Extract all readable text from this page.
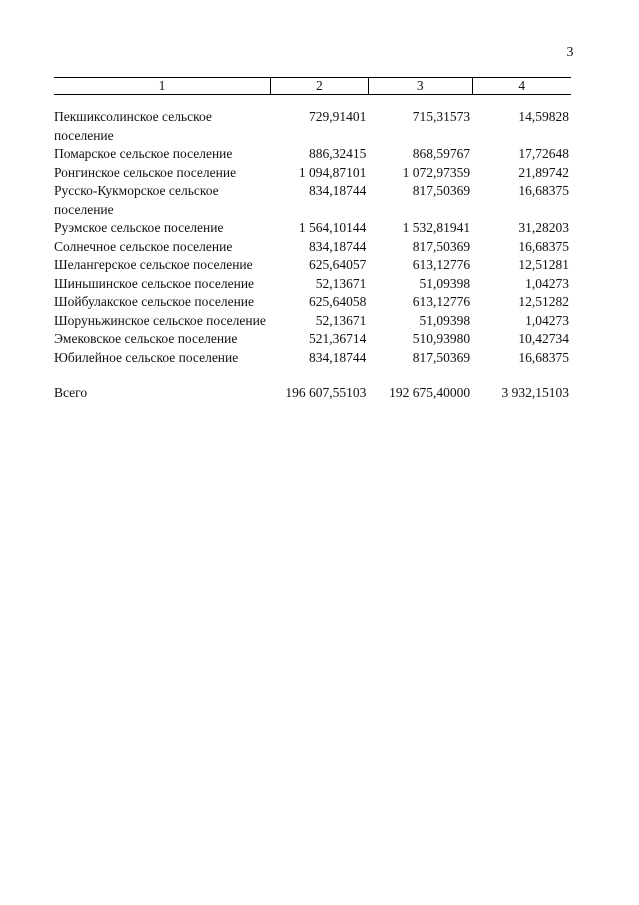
3
1	2	3	4

Пекшиксолинское сельское поселение	729,91401	715,31573	14,59828
Помарское сельское поселение	886,32415	868,59767	17,72648
Ронгинское сельское поселение	1 094,87101	1 072,97359	21,89742
Русско-Кукморское сельское поселение	834,18744	817,50369	16,68375
Руэмское сельское поселение	1 564,10144	1 532,81941	31,28203
Солнечное сельское поселение	834,18744	817,50369	16,68375
Шелангерское сельское поселение	625,64057	613,12776	12,51281
Шиньшинское сельское поселение	52,13671	51,09398	1,04273
Шойбулакское сельское поселение	625,64058	613,12776	12,51282
Шоруньжинское сельское поселение	52,13671	51,09398	1,04273
Эмековское сельское поселение	521,36714	510,93980	10,42734
Юбилейное сельское поселение	834,18744	817,50369	16,68375

Всего	196 607,55103	192 675,40000	3 932,15103
